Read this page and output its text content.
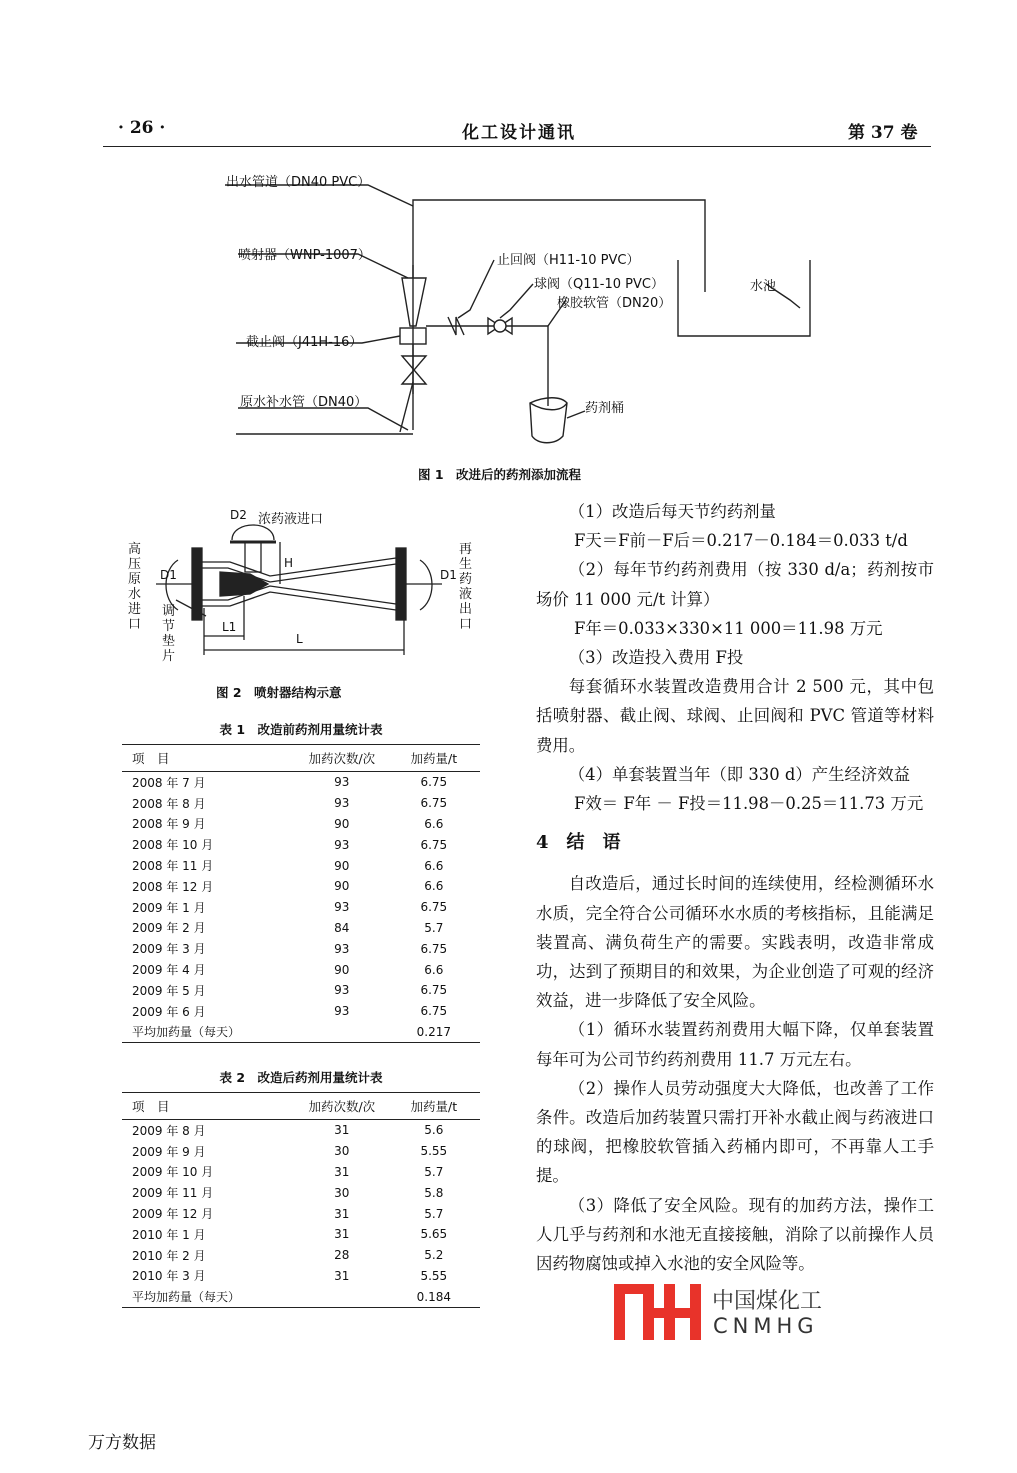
· 26 ·	化工设计通讯	第 37 卷
出水管道（DN40 PVC）
喷射器（WNP-1007）	止回阀（H11-10 PVC）
球阀（Q11-10 PVC）
橡胶软管（DN20）
水池
截止阀（J41H-16）
原水补水管（DN40）	药剂桶
图 1　改进后的药剂添加流程
D2 浓药液进口
高压原水进口
再生药液出口
D1	D1
调节垫片
H
L1
L
图 2　喷射器结构示意
表 1　改造前药剂用量统计表
项　目	加药次数/次	加药量/t
2008 年 7 月	93	6.75
2008 年 8 月	93	6.75
2008 年 9 月	90	6.6
2008 年 10 月	93	6.75
2008 年 11 月	90	6.6
2008 年 12 月	90	6.6
2009 年 1 月	93	6.75
2009 年 2 月	84	5.7
2009 年 3 月	93	6.75
2009 年 4 月	90	6.6
2009 年 5 月	93	6.75
2009 年 6 月	93	6.75
平均加药量（每天）		0.217
表 2　改造后药剂用量统计表
项　目	加药次数/次	加药量/t
2009 年 8 月	31	5.6
2009 年 9 月	30	5.55
2009 年 10 月	31	5.7
2009 年 11 月	30	5.8
2009 年 12 月	31	5.7
2010 年 1 月	31	5.65
2010 年 2 月	28	5.2
2010 年 3 月	31	5.55
平均加药量（每天）		0.184

（1）改造后每天节约药剂量

F天＝F前－F后＝0.217－0.184＝0.033 t/d

（2）每年节约药剂费用（按 330 d/a；药剂按市场价 11 000 元/t 计算）

F年＝0.033×330×11 000＝11.98 万元

（3）改造投入费用 F投

每套循环水装置改造费用合计 2 500 元，其中包括喷射器、截止阀、球阀、止回阀和 PVC 管道等材料费用。

（4）单套装置当年（即 330 d）产生经济效益

F效＝ F年 － F投＝11.98－0.25＝11.73 万元

4　结　语

自改造后，通过长时间的连续使用，经检测循环水水质，完全符合公司循环水水质的考核指标，且能满足装置高、满负荷生产的需要。实践表明，改造非常成功，达到了预期目的和效果，为企业创造了可观的经济效益，进一步降低了安全风险。

（1）循环水装置药剂费用大幅下降，仅单套装置每年可为公司节约药剂费用 11.7 万元左右。

（2）操作人员劳动强度大大降低，也改善了工作条件。改造后加药装置只需打开补水截止阀与药液进口的球阀，把橡胶软管插入药桶内即可，不再靠人工手提。

（3）降低了安全风险。现有的加药方法，操作工人几乎与药剂和水池无直接接触，消除了以前操作人员因药物腐蚀或掉入水池的安全风险等。

中国煤化工
CNMHG
万方数据
